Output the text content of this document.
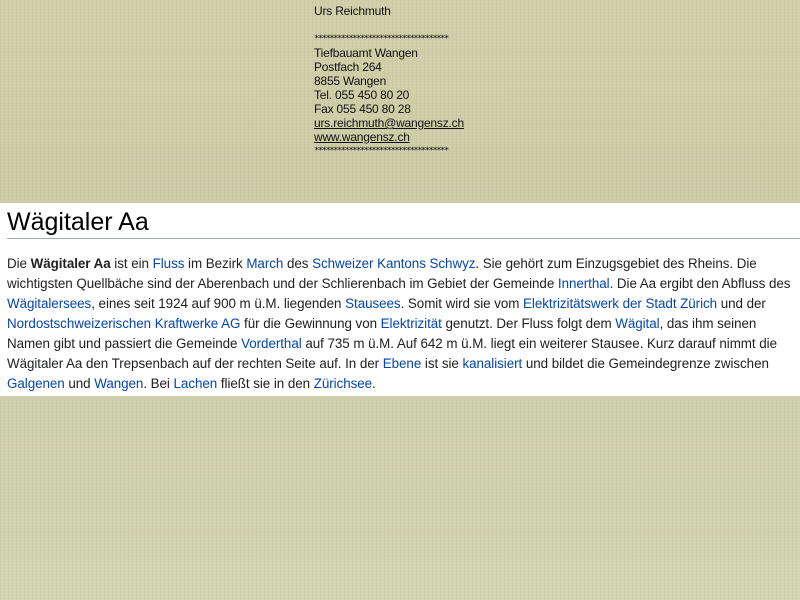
Urs Reichmuth
***********************************
Tiefbauamt Wangen
Postfach 264
8855 Wangen
Tel. 055 450 80 20
Fax 055 450 80 28
urs.reichmuth@wangensz.ch
www.wangensz.ch
***********************************
Wägitaler Aa

Die Wägitaler Aa ist ein Fluss im Bezirk March des Schweizer Kantons Schwyz. Sie gehört zum Einzugsgebiet des Rheins. Die wichtigsten Quellbäche sind der Aberenbach und der Schlierenbach im Gebiet der Gemeinde Innerthal. Die Aa ergibt den Abfluss des Wägitalersees, eines seit 1924 auf 900 m ü.M. liegenden Stausees. Somit wird sie vom Elektrizitätswerk der Stadt Zürich und der Nordostschweizerischen Kraftwerke AG für die Gewinnung von Elektrizität genutzt. Der Fluss folgt dem Wägital, das ihm seinen Namen gibt und passiert die Gemeinde Vorderthal auf 735 m ü.M. Auf 642 m ü.M. liegt ein weiterer Stausee. Kurz darauf nimmt die Wägitaler Aa den Trepsenbach auf der rechten Seite auf. In der Ebene ist sie kanalisiert und bildet die Gemeindegrenze zwischen Galgenen und Wangen. Bei Lachen fließt sie in den Zürichsee.
